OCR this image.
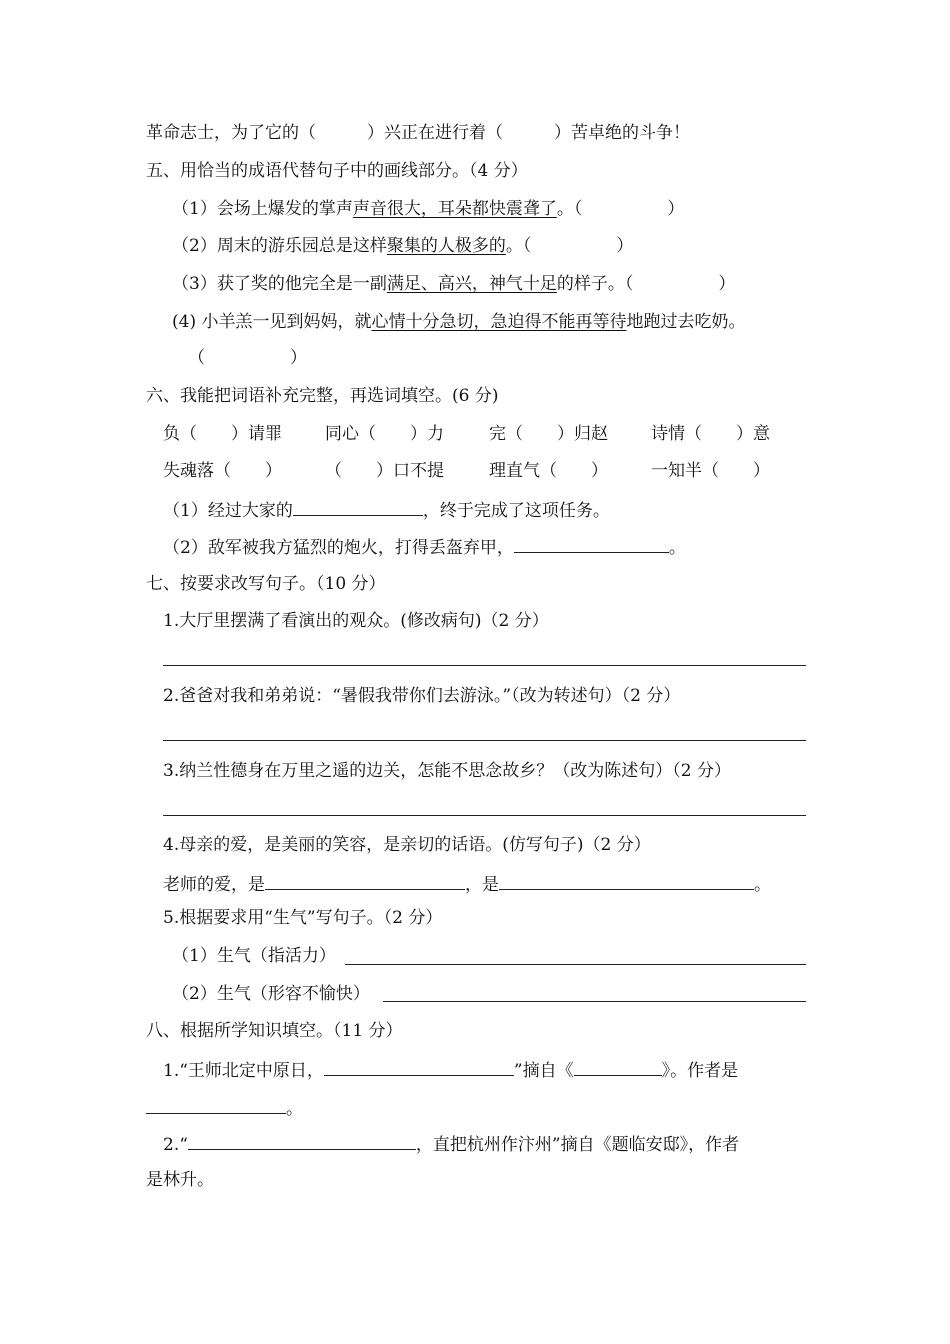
革命志士，为了它的（　　　）兴正在进行着（　　　）苦卓绝的斗争！
五、用恰当的成语代替句子中的画线部分。（4 分）
（1）会场上爆发的掌声声音很大，耳朵都快震聋了。（　　　　　）
（2）周末的游乐园总是这样聚集的人极多的。（　　　　　）
（3）获了奖的他完全是一副满足、高兴，神气十足的样子。（　　　　　）
(4) 小羊羔一见到妈妈，就心情十分急切，急迫得不能再等待地跑过去吃奶。
（　　　　　）
六、我能把词语补充完整，再选词填空。(6 分)
负（　　）请罪	同心（　　）力	完（　　）归赵	诗情（　　）意
失魂落（　　）	（　　）口不提	理直气（　　）	一知半（　　）
（1）经过大家的	，终于完成了这项任务。
（2）敌军被我方猛烈的炮火，打得丢盔弃甲，	。
七、按要求改写句子。（10 分）
1.大厅里摆满了看演出的观众。(修改病句)（2 分）
2.爸爸对我和弟弟说：“暑假我带你们去游泳。”（改为转述句）（2 分）
3.纳兰性德身在万里之遥的边关，怎能不思念故乡？（改为陈述句）（2 分）
4.母亲的爱，是美丽的笑容，是亲切的话语。(仿写句子)（2 分）
老师的爱，是	，是	。
5.根据要求用“生气”写句子。（2 分）
（1）生气（指活力）
（2）生气（形容不愉快）
八、根据所学知识填空。（11 分）
1.“王师北定中原日，	”摘自《	》。作者是
。
2.“	，直把杭州作汴州”摘自《题临安邸》，作者
是林升。
